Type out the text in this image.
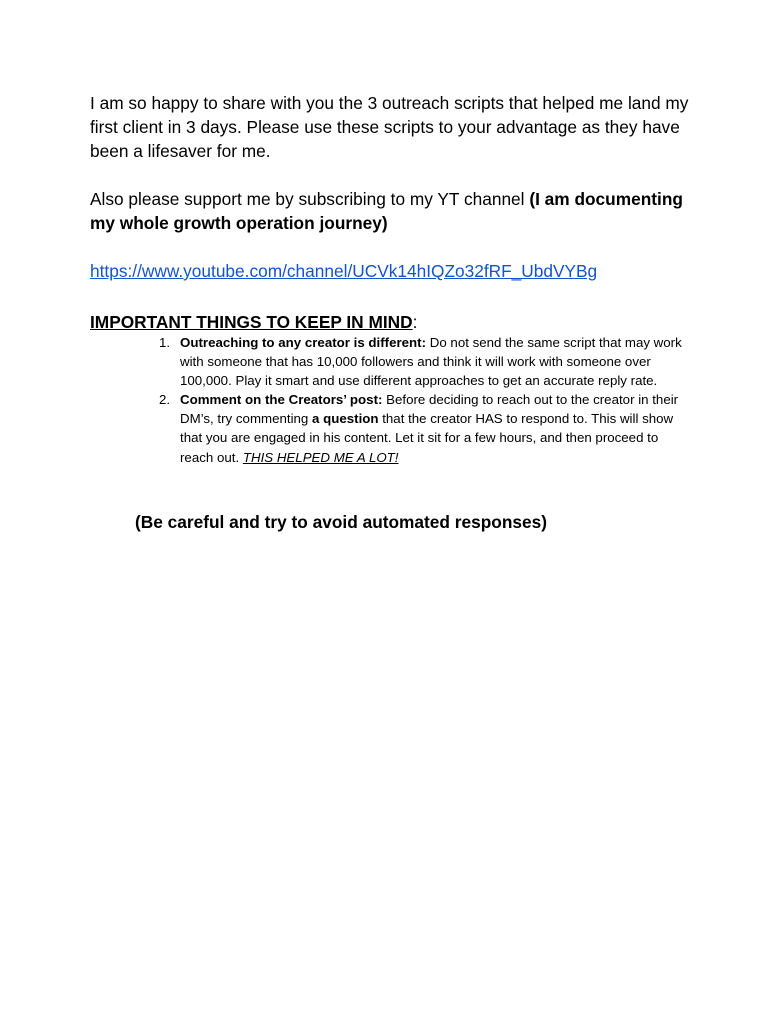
I am so happy to share with you the 3 outreach scripts that helped me land my first client in 3 days. Please use these scripts to your advantage as they have been a lifesaver for me.

Also please support me by subscribing to my YT channel (I am documenting my whole growth operation journey)

https://www.youtube.com/channel/UCVk14hIQZo32fRF_UbdVYBg
IMPORTANT THINGS TO KEEP IN MIND:
1. Outreaching to any creator is different: Do not send the same script that may work with someone that has 10,000 followers and think it will work with someone over 100,000. Play it smart and use different approaches to get an accurate reply rate.
2. Comment on the Creators’ post: Before deciding to reach out to the creator in their DM’s, try commenting a question that the creator HAS to respond to. This will show that you are engaged in his content. Let it sit for a few hours, and then proceed to reach out. THIS HELPED ME A LOT!
(Be careful and try to avoid automated responses)
